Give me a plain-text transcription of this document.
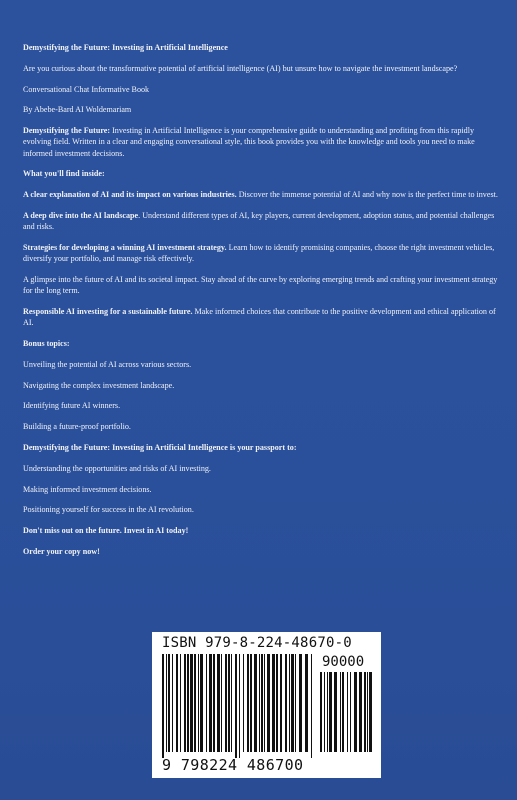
Demystifying the Future: Investing in Artificial Intelligence

Are you curious about the transformative potential of artificial intelligence (AI) but unsure how to navigate the investment landscape?

Conversational Chat Informative Book

By Abebe-Bard AI Woldemariam

Demystifying the Future: Investing in Artificial Intelligence is your comprehensive guide to understanding and profiting from this rapidly evolving field. Written in a clear and engaging conversational style, this book provides you with the knowledge and tools you need to make informed investment decisions.

What you'll find inside:

A clear explanation of AI and its impact on various industries. Discover the immense potential of AI and why now is the perfect time to invest.

A deep dive into the AI landscape. Understand different types of AI, key players, current development, adoption status, and potential challenges and risks.

Strategies for developing a winning AI investment strategy. Learn how to identify promising companies, choose the right investment vehicles, diversify your portfolio, and manage risk effectively.

A glimpse into the future of AI and its societal impact. Stay ahead of the curve by exploring emerging trends and crafting your investment strategy for the long term.

Responsible AI investing for a sustainable future. Make informed choices that contribute to the positive development and ethical application of AI.

Bonus topics:

Unveiling the potential of AI across various sectors.

Navigating the complex investment landscape.

Identifying future AI winners.

Building a future-proof portfolio.

Demystifying the Future: Investing in Artificial Intelligence is your passport to:

Understanding the opportunities and risks of AI investing.

Making informed investment decisions.

Positioning yourself for success in the AI revolution.

Don't miss out on the future. Invest in AI today!

Order your copy now!

ISBN 979-8-224-48670-0
90000
9 798224 486700
